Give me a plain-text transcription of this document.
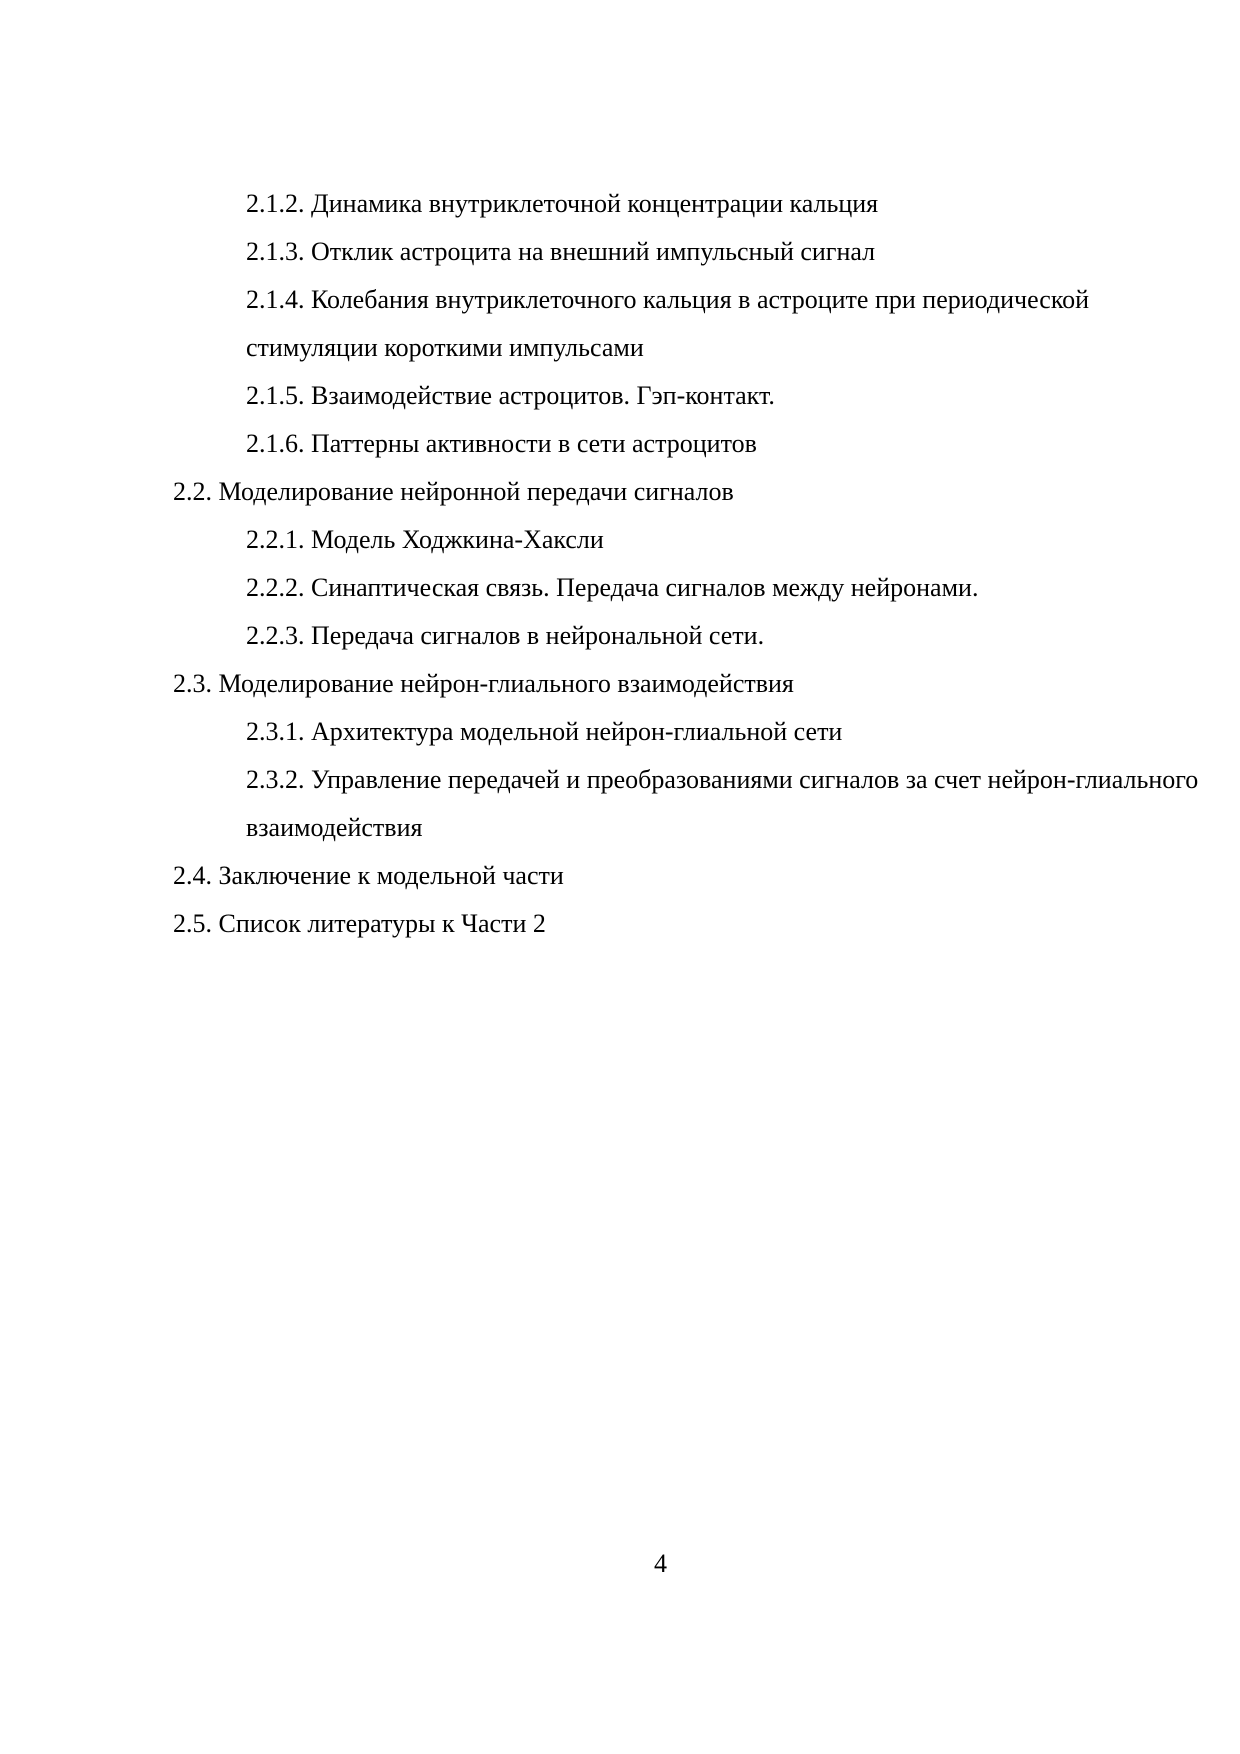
2.1.2. Динамика внутриклеточной концентрации кальция
2.1.3. Отклик астроцита на внешний импульсный сигнал
2.1.4. Колебания внутриклеточного кальция в астроците при периодической
стимуляции короткими импульсами
2.1.5. Взаимодействие астроцитов. Гэп-контакт.
2.1.6. Паттерны активности в сети астроцитов
2.2. Моделирование нейронной передачи сигналов
2.2.1. Модель Ходжкина-Хаксли
2.2.2. Синаптическая связь. Передача сигналов между нейронами.
2.2.3. Передача сигналов в нейрональной сети.
2.3. Моделирование нейрон-глиального взаимодействия
2.3.1. Архитектура модельной нейрон-глиальной сети
2.3.2. Управление передачей и преобразованиями сигналов за счет нейрон-глиального
взаимодействия
2.4. Заключение к модельной части
2.5. Список литературы к Части 2
4
